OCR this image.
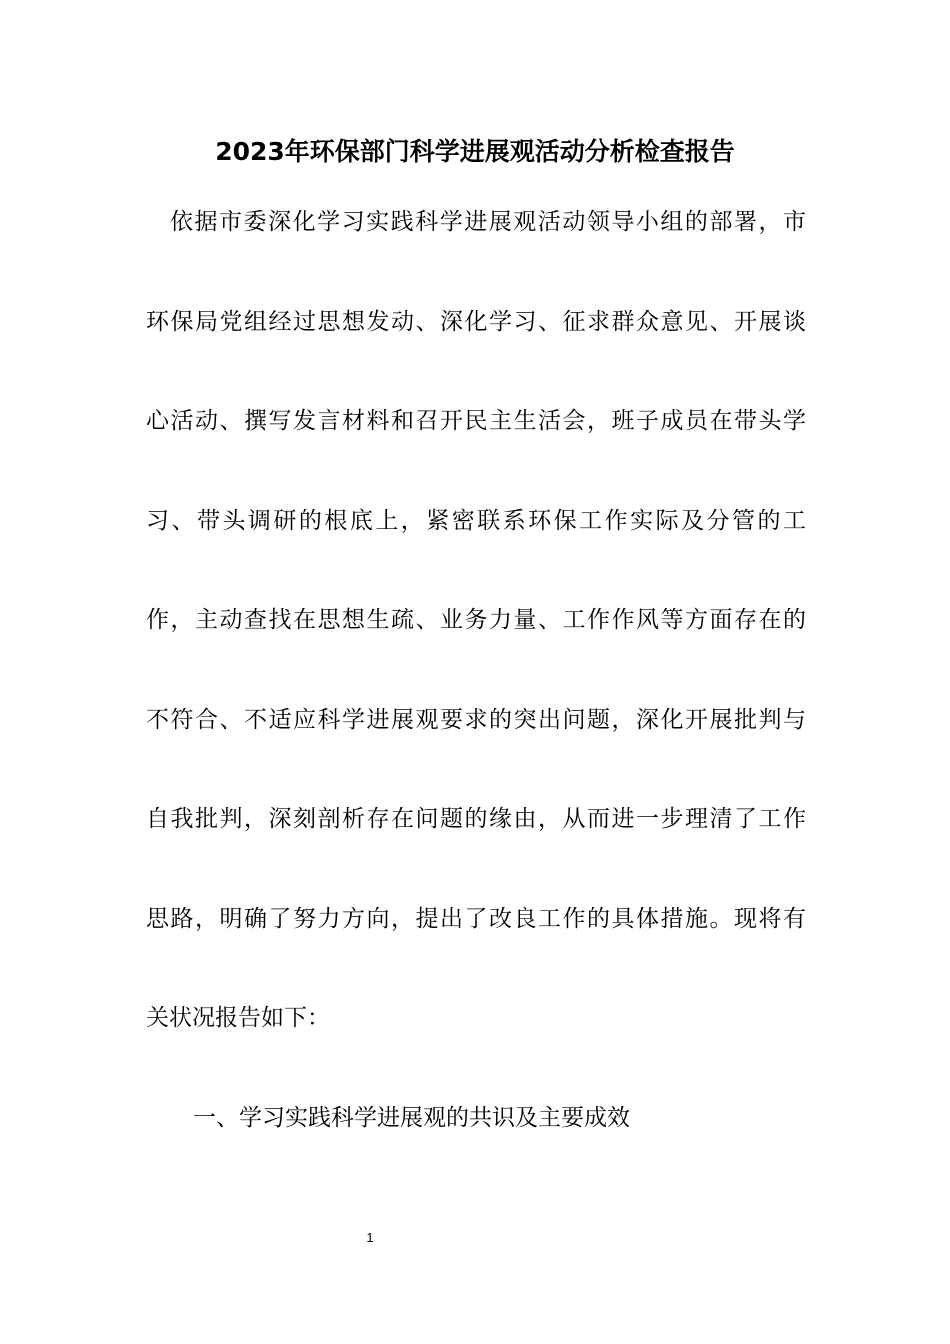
2023年环保部门科学进展观活动分析检查报告
依据市委深化学习实践科学进展观活动领导小组的部署，市
环保局党组经过思想发动、深化学习、征求群众意见、开展谈
心活动、撰写发言材料和召开民主生活会，班子成员在带头学
习、带头调研的根底上，紧密联系环保工作实际及分管的工
作，主动查找在思想生疏、业务力量、工作作风等方面存在的
不符合、不适应科学进展观要求的突出问题，深化开展批判与
自我批判，深刻剖析存在问题的缘由，从而进一步理清了工作
思路，明确了努力方向，提出了改良工作的具体措施。现将有
关状况报告如下：
一、学习实践科学进展观的共识及主要成效
1
